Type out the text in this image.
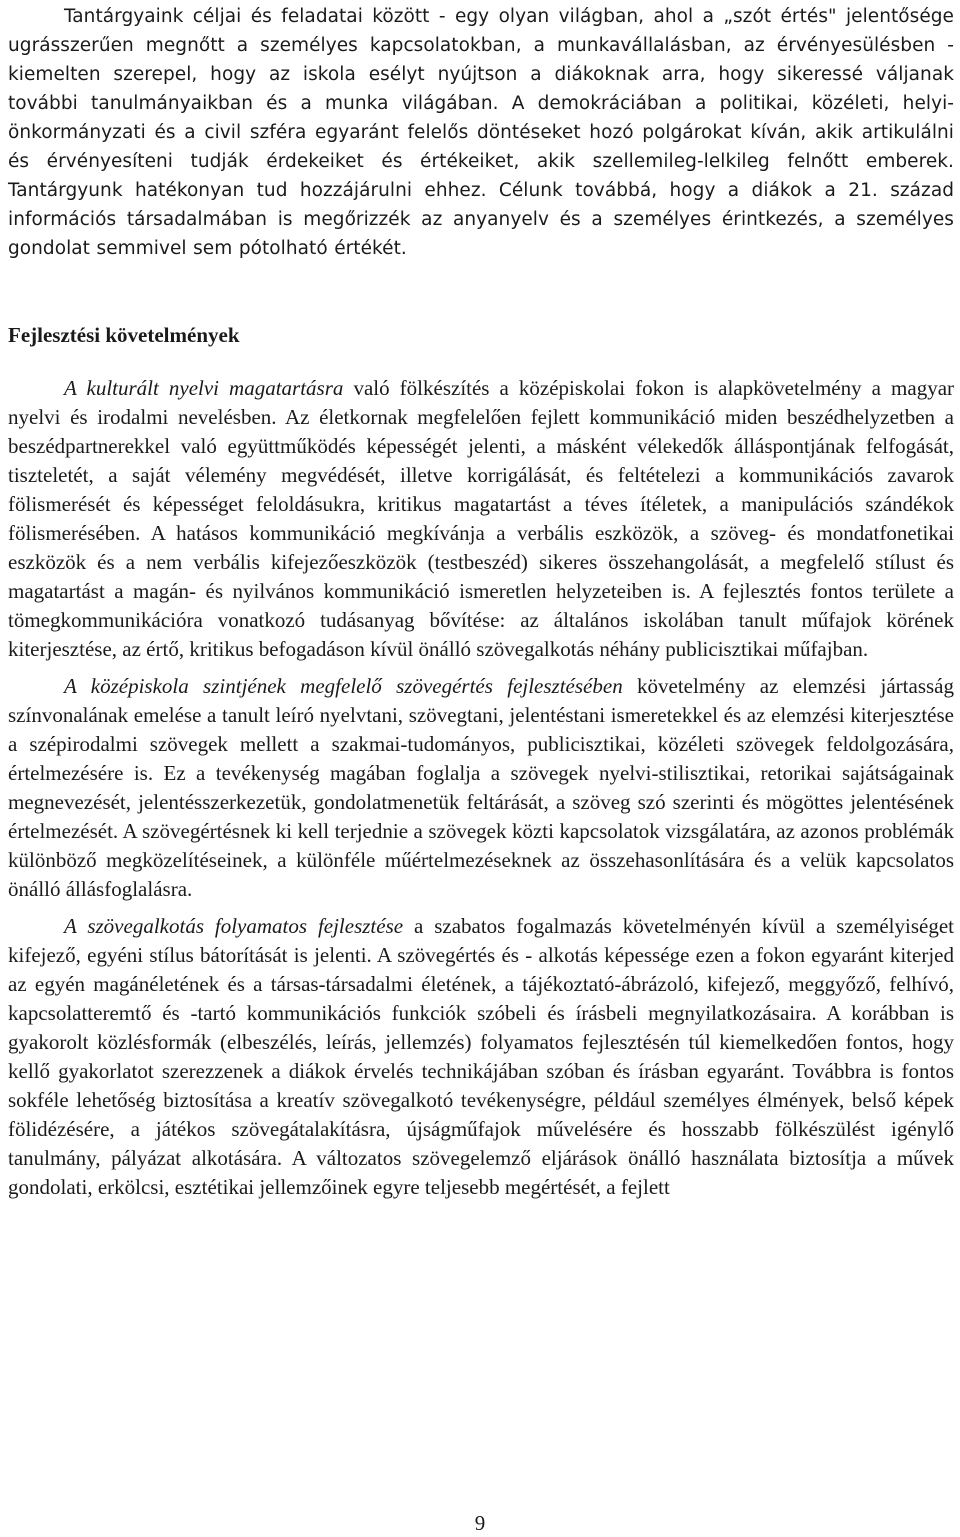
Tantárgyaink céljai és feladatai között - egy olyan világban, ahol a „szót értés" jelentősége ugrásszerűen megnőtt a személyes kapcsolatokban, a munkavállalásban, az érvényesülésben - kiemelten szerepel, hogy az iskola esélyt nyújtson a diákoknak arra, hogy sikeressé váljanak további tanulmányaikban és a munka világában. A demokráciában a politikai, közéleti, helyi-önkormányzati és a civil szféra egyaránt felelős döntéseket hozó polgárokat kíván, akik artikulálni és érvényesíteni tudják érdekeiket és értékeiket, akik szellemileg-lelkileg felnőtt emberek. Tantárgyunk hatékonyan tud hozzájárulni ehhez. Célunk továbbá, hogy a diákok a 21. század információs társadalmában is megőrizzék az anyanyelv és a személyes érintkezés, a személyes gondolat semmivel sem pótolható értékét.

Fejlesztési követelmények

A kulturált nyelvi magatartásra való fölkészítés a középiskolai fokon is alapkövetelmény a magyar nyelvi és irodalmi nevelésben. Az életkornak megfelelően fejlett kommunikáció miden beszédhelyzetben a beszédpartnerekkel való együttműködés képességét jelenti, a másként vélekedők álláspontjának felfogását, tiszteletét, a saját vélemény megvédését, illetve korrigálását, és feltételezi a kommunikációs zavarok fölismerését és képességet feloldásukra, kritikus magatartást a téves ítéletek, a manipulációs szándékok fölismerésében. A hatásos kommunikáció megkívánja a verbális eszközök, a szöveg- és mondatfonetikai eszközök és a nem verbális kifejezőeszközök (testbeszéd) sikeres összehangolását, a megfelelő stílust és magatartást a magán- és nyilvános kommunikáció ismeretlen helyzeteiben is. A fejlesztés fontos területe a tömegkommunikációra vonatkozó tudásanyag bővítése: az általános iskolában tanult műfajok körének kiterjesztése, az értő, kritikus befogadáson kívül önálló szövegalkotás néhány publicisztikai műfajban.

A középiskola szintjének megfelelő szövegértés fejlesztésében követelmény az elemzési jártasság színvonalának emelése a tanult leíró nyelvtani, szövegtani, jelentéstani ismeretekkel és az elemzési kiterjesztése a szépirodalmi szövegek mellett a szakmai-tudományos, publicisztikai, közéleti szövegek feldolgozására, értelmezésére is. Ez a tevékenység magában foglalja a szövegek nyelvi-stilisztikai, retorikai sajátságainak megnevezését, jelentésszerkezetük, gondolatmenetük feltárását, a szöveg szó szerinti és mögöttes jelentésének értelmezését. A szövegértésnek ki kell terjednie a szövegek közti kapcsolatok vizsgálatára, az azonos problémák különböző megközelítéseinek, a különféle műértelmezéseknek az összehasonlítására és a velük kapcsolatos önálló állásfoglalásra.

A szövegalkotás folyamatos fejlesztése a szabatos fogalmazás követelményén kívül a személyiséget kifejező, egyéni stílus bátorítását is jelenti. A szövegértés és - alkotás képessége ezen a fokon egyaránt kiterjed az egyén magánéletének és a társas-társadalmi életének, a tájékoztató-ábrázoló, kifejező, meggyőző, felhívó, kapcsolatteremtő és -tartó kommunikációs funkciók szóbeli és írásbeli megnyilatkozásaira. A korábban is gyakorolt közlésformák (elbeszélés, leírás, jellemzés) folyamatos fejlesztésén túl kiemelkedően fontos, hogy kellő gyakorlatot szerezzenek a diákok érvelés technikájában szóban és írásban egyaránt. Továbbra is fontos sokféle lehetőség biztosítása a kreatív szövegalkotó tevékenységre, például személyes élmények, belső képek fölidézésére, a játékos szövegátalakításra, újságműfajok művelésére és hosszabb fölkészülést igénylő tanulmány, pályázat alkotására. A változatos szövegelemző eljárások önálló használata biztosítja a művek gondolati, erkölcsi, esztétikai jellemzőinek egyre teljesebb megértését, a fejlett

9
